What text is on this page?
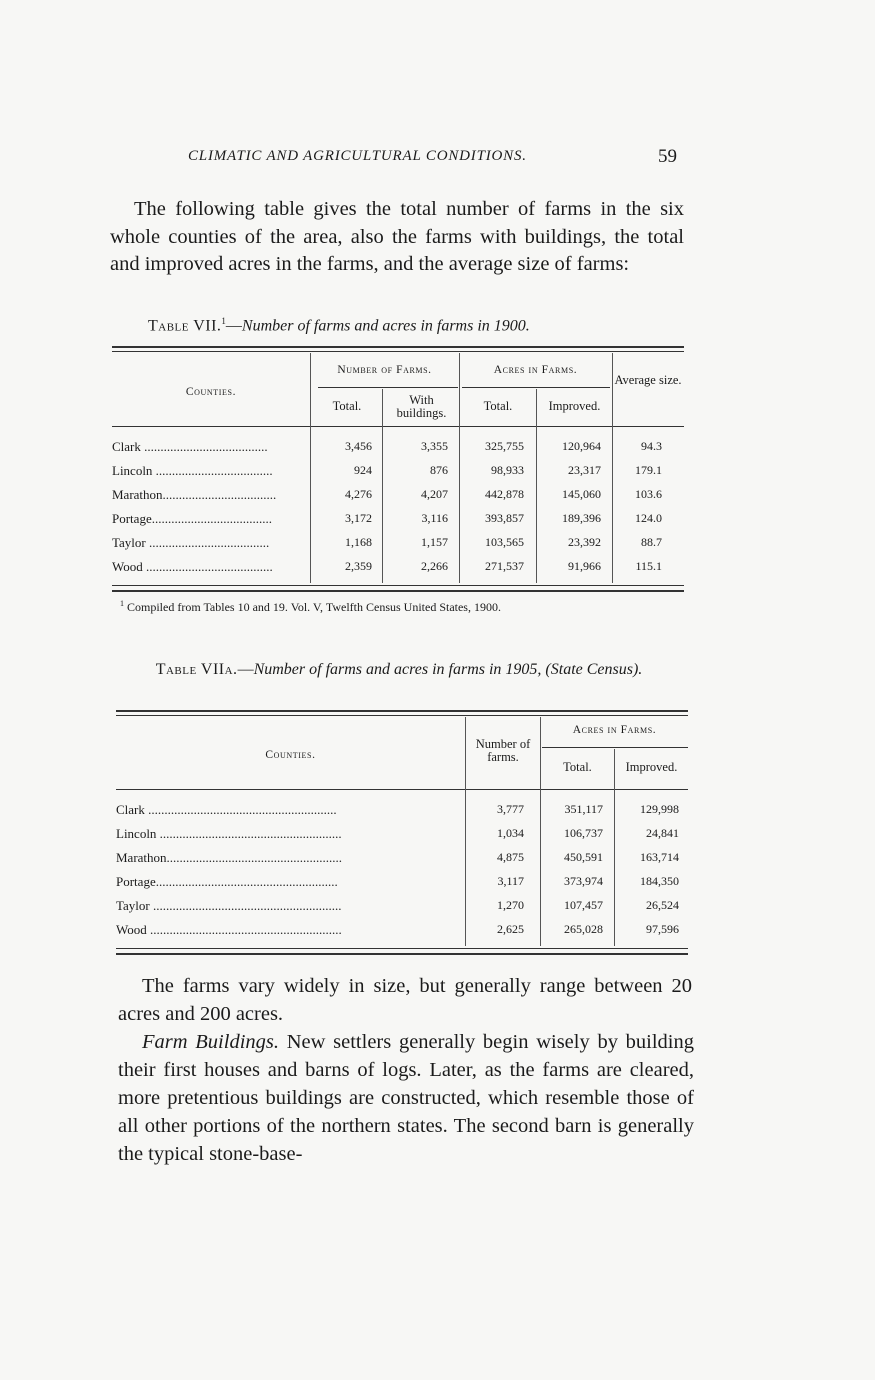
CLIMATIC AND AGRICULTURAL CONDITIONS.	59
The following table gives the total number of farms in the six whole counties of the area, also the farms with buildings, the total and improved acres in the farms, and the average size of farms:
Table VII.$^1$—Number of farms and acres in farms in 1900.
Counties.
Number of Farms.
Total.	With buildings.
Acres in Farms.
Total.	Improved.
Average size.
Clark ......................................	3,456	3,355	325,755	120,964	94.3
Lincoln ....................................	924	876	98,933	23,317	179.1
Marathon...................................	4,276	4,207	442,878	145,060	103.6
Portage.....................................	3,172	3,116	393,857	189,396	124.0
Taylor .....................................	1,168	1,157	103,565	23,392	88.7
Wood .......................................	2,359	2,266	271,537	91,966	115.1
$^1$ Compiled from Tables 10 and 19. Vol. V, Twelfth Census United States, 1900.
Table VIIa.—Number of farms and acres in farms in 1905, (State Census).
Counties.
Number of farms.
Acres in Farms.
Total.	Improved.
Clark ..........................................................	3,777	351,117	129,998
Lincoln ........................................................	1,034	106,737	24,841
Marathon......................................................	4,875	450,591	163,714
Portage........................................................	3,117	373,974	184,350
Taylor ..........................................................	1,270	107,457	26,524
Wood ...........................................................	2,625	265,028	97,596
The farms vary widely in size, but generally range between 20 acres and 200 acres.
Farm Buildings. New settlers generally begin wisely by building their first houses and barns of logs. Later, as the farms are cleared, more pretentious buildings are constructed, which resemble those of all other portions of the northern states. The second barn is generally the typical stone-base-
